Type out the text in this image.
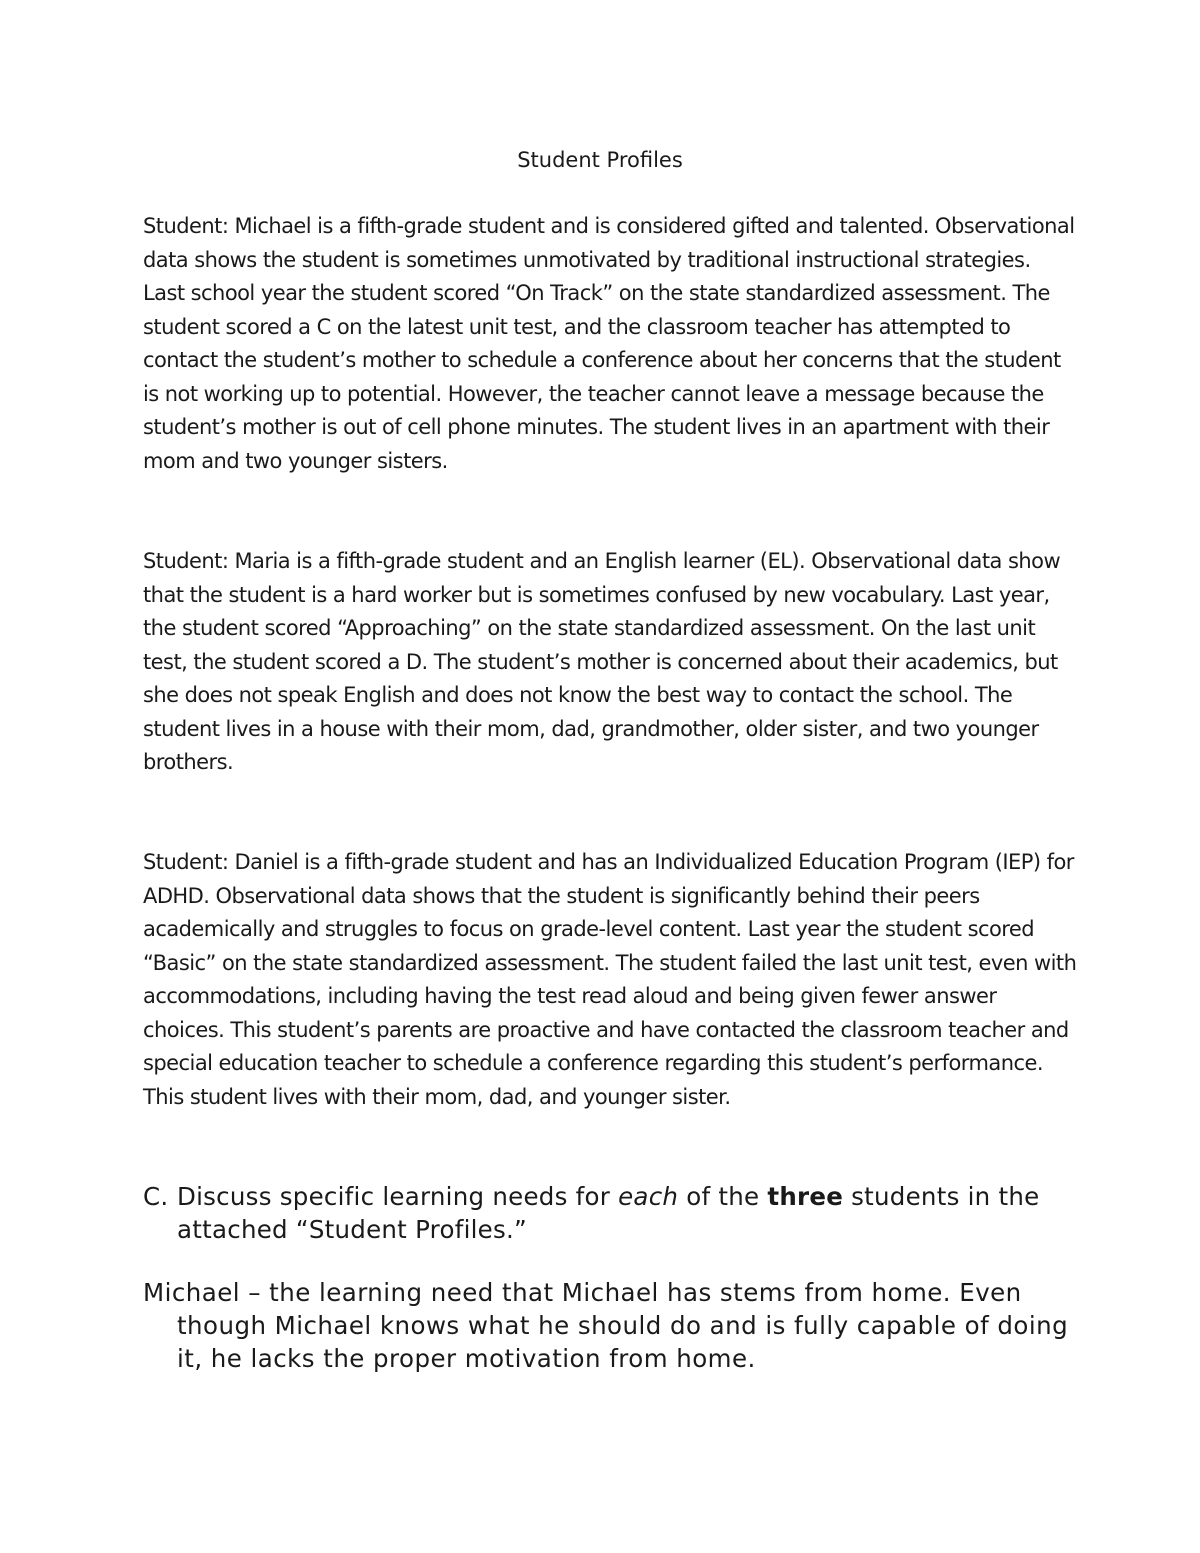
Student Profiles

Student: Michael is a fifth-grade student and is considered gifted and talented. Observational data shows the student is sometimes unmotivated by traditional instructional strategies. Last school year the student scored “On Track” on the state standardized assessment. The student scored a C on the latest unit test, and the classroom teacher has attempted to contact the student’s mother to schedule a conference about her concerns that the student is not working up to potential. However, the teacher cannot leave a message because the student’s mother is out of cell phone minutes. The student lives in an apartment with their mom and two younger sisters.

Student: Maria is a fifth-grade student and an English learner (EL). Observational data show that the student is a hard worker but is sometimes confused by new vocabulary. Last year, the student scored “Approaching” on the state standardized assessment. On the last unit test, the student scored a D. The student’s mother is concerned about their academics, but she does not speak English and does not know the best way to contact the school. The student lives in a house with their mom, dad, grandmother, older sister, and two younger brothers.

Student: Daniel is a fifth-grade student and has an Individualized Education Program (IEP) for ADHD. Observational data shows that the student is significantly behind their peers academically and struggles to focus on grade-level content. Last year the student scored “Basic” on the state standardized assessment. The student failed the last unit test, even with accommodations, including having the test read aloud and being given fewer answer choices. This student’s parents are proactive and have contacted the classroom teacher and special education teacher to schedule a conference regarding this student’s performance. This student lives with their mom, dad, and younger sister.

C. Discuss specific learning needs for each of the three students in the attached “Student Profiles.”

Michael – the learning need that Michael has stems from home. Even though Michael knows what he should do and is fully capable of doing it, he lacks the proper motivation from home.
